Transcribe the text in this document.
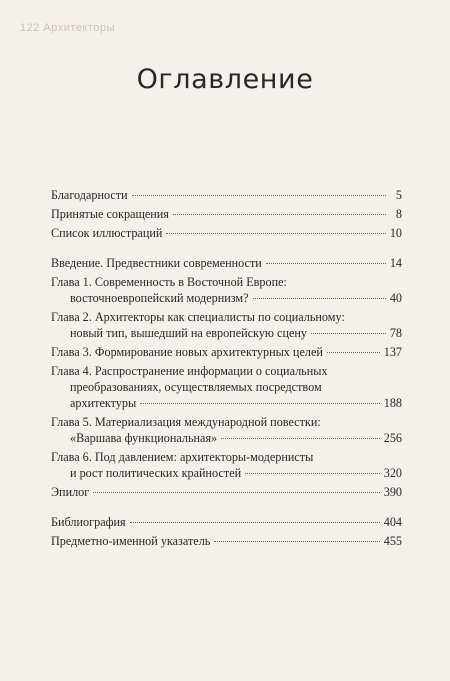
122 Архитекторы
Оглавление
Благодарности	5
Принятые сокращения	8
Список иллюстраций	10
Введение. Предвестники современности	14
Глава 1. Современность в Восточной Европе:
восточноевропейский модернизм?	40
Глава 2. Архитекторы как специалисты по социальному:
новый тип, вышедший на европейскую сцену	78
Глава 3. Формирование новых архитектурных целей	137
Глава 4. Распространение информации о социальных
преобразованиях, осуществляемых посредством
архитектуры	188
Глава 5. Материализация международной повестки:
«Варшава функциональная»	256
Глава 6. Под давлением: архитекторы-модернисты
и рост политических крайностей	320
Эпилог	390
Библиография	404
Предметно-именной указатель	455
